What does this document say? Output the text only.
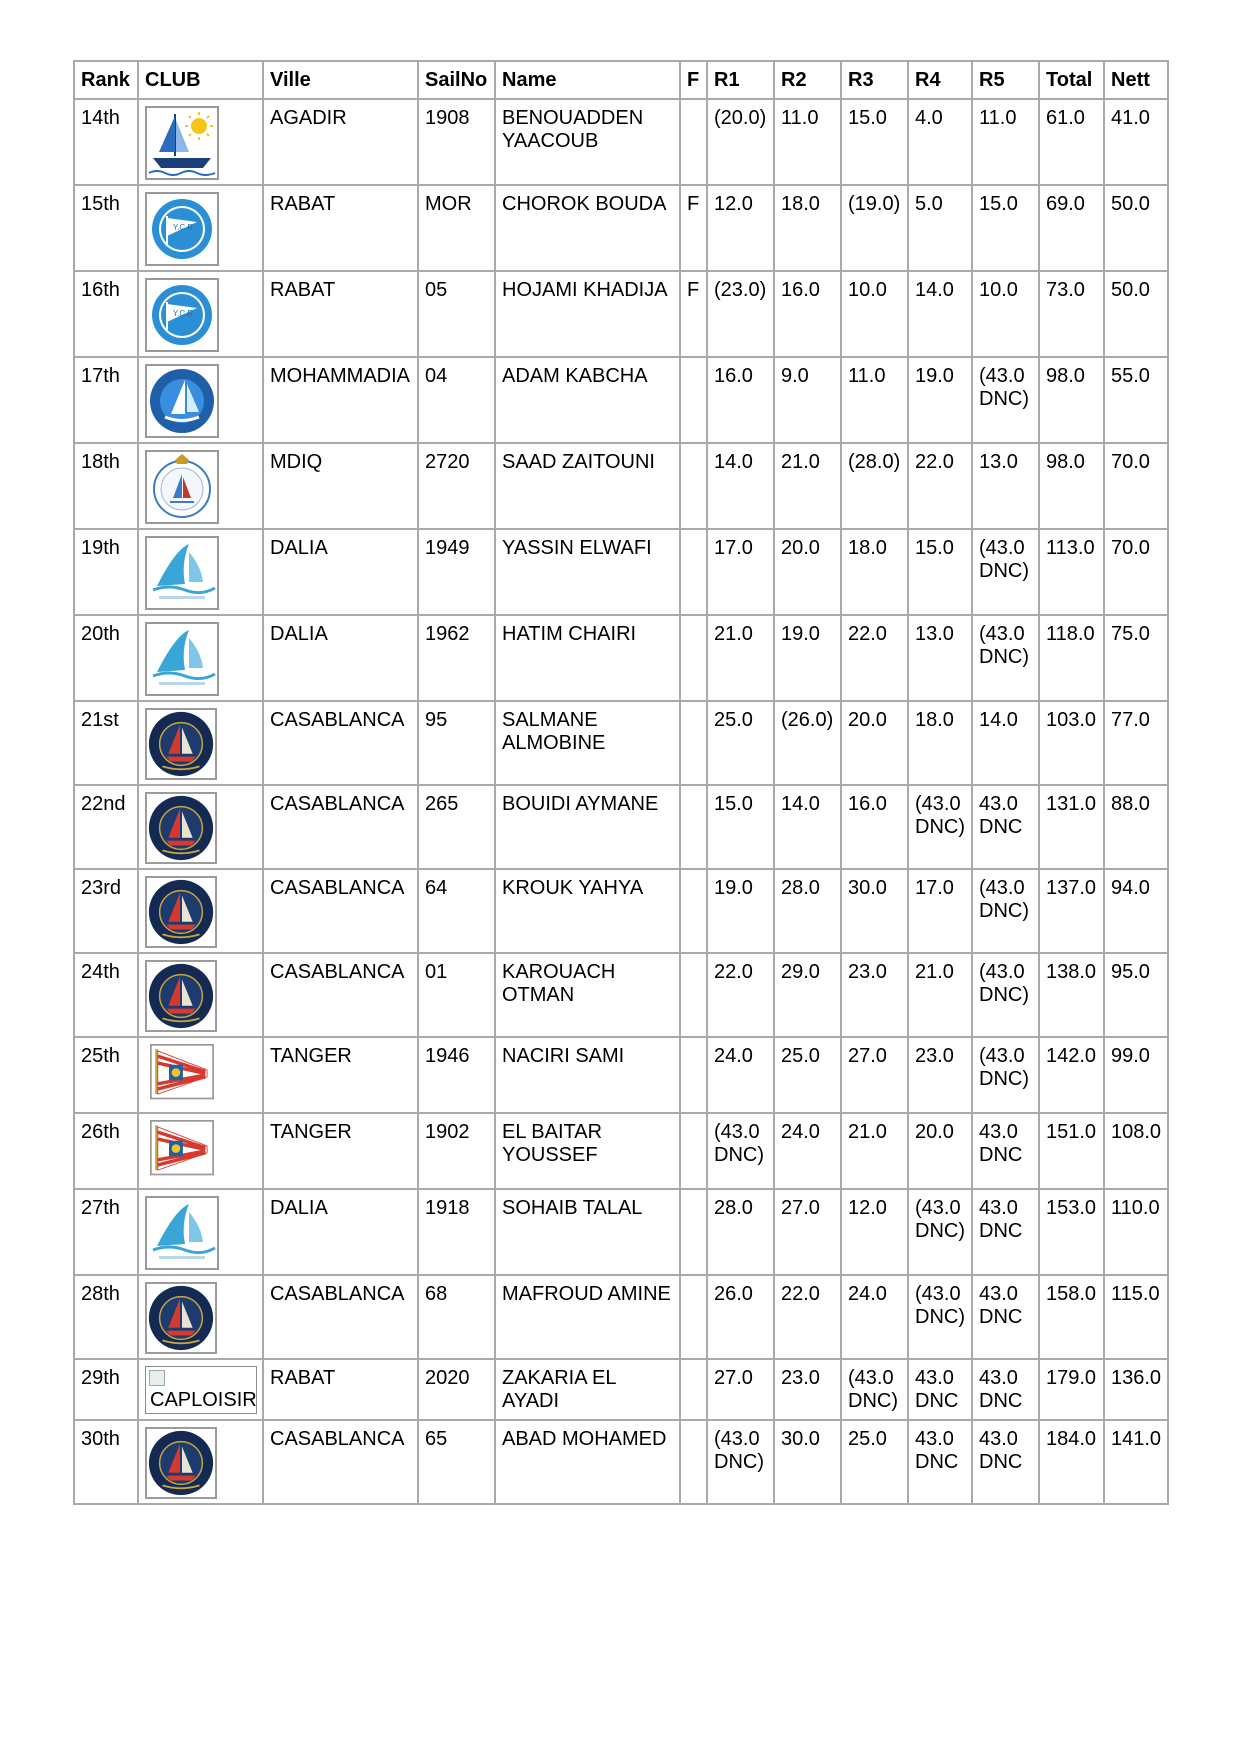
Rank	CLUB	Ville	SailNo	Name	F	R1	R2	R3	R4	R5	Total	Nett
14th		AGADIR	1908	BENOUADDEN YAACOUB		(20.0)	11.0	15.0	4.0	11.0	61.0	41.0
15th	Y.C.R	RABAT	MOR	CHOROK BOUDA	F	12.0	18.0	(19.0)	5.0	15.0	69.0	50.0
16th	Y.C.R	RABAT	05	HOJAMI KHADIJA	F	(23.0)	16.0	10.0	14.0	10.0	73.0	50.0
17th		MOHAMMADIA	04	ADAM KABCHA		16.0	9.0	11.0	19.0	(43.0 DNC)	98.0	55.0
18th		MDIQ	2720	SAAD ZAITOUNI		14.0	21.0	(28.0)	22.0	13.0	98.0	70.0
19th		DALIA	1949	YASSIN ELWAFI		17.0	20.0	18.0	15.0	(43.0 DNC)	113.0	70.0
20th		DALIA	1962	HATIM CHAIRI		21.0	19.0	22.0	13.0	(43.0 DNC)	118.0	75.0
21st		CASABLANCA	95	SALMANE ALMOBINE		25.0	(26.0)	20.0	18.0	14.0	103.0	77.0
22nd		CASABLANCA	265	BOUIDI AYMANE		15.0	14.0	16.0	(43.0 DNC)	43.0 DNC	131.0	88.0
23rd		CASABLANCA	64	KROUK YAHYA		19.0	28.0	30.0	17.0	(43.0 DNC)	137.0	94.0
24th		CASABLANCA	01	KAROUACH OTMAN		22.0	29.0	23.0	21.0	(43.0 DNC)	138.0	95.0
25th		TANGER	1946	NACIRI SAMI		24.0	25.0	27.0	23.0	(43.0 DNC)	142.0	99.0
26th		TANGER	1902	EL BAITAR YOUSSEF		(43.0 DNC)	24.0	21.0	20.0	43.0 DNC	151.0	108.0
27th		DALIA	1918	SOHAIB TALAL		28.0	27.0	12.0	(43.0 DNC)	43.0 DNC	153.0	110.0
28th		CASABLANCA	68	MAFROUD AMINE		26.0	22.0	24.0	(43.0 DNC)	43.0 DNC	158.0	115.0
29th	CAPLOISIR	RABAT	2020	ZAKARIA EL AYADI		27.0	23.0	(43.0 DNC)	43.0 DNC	43.0 DNC	179.0	136.0
30th		CASABLANCA	65	ABAD MOHAMED		(43.0 DNC)	30.0	25.0	43.0 DNC	43.0 DNC	184.0	141.0
